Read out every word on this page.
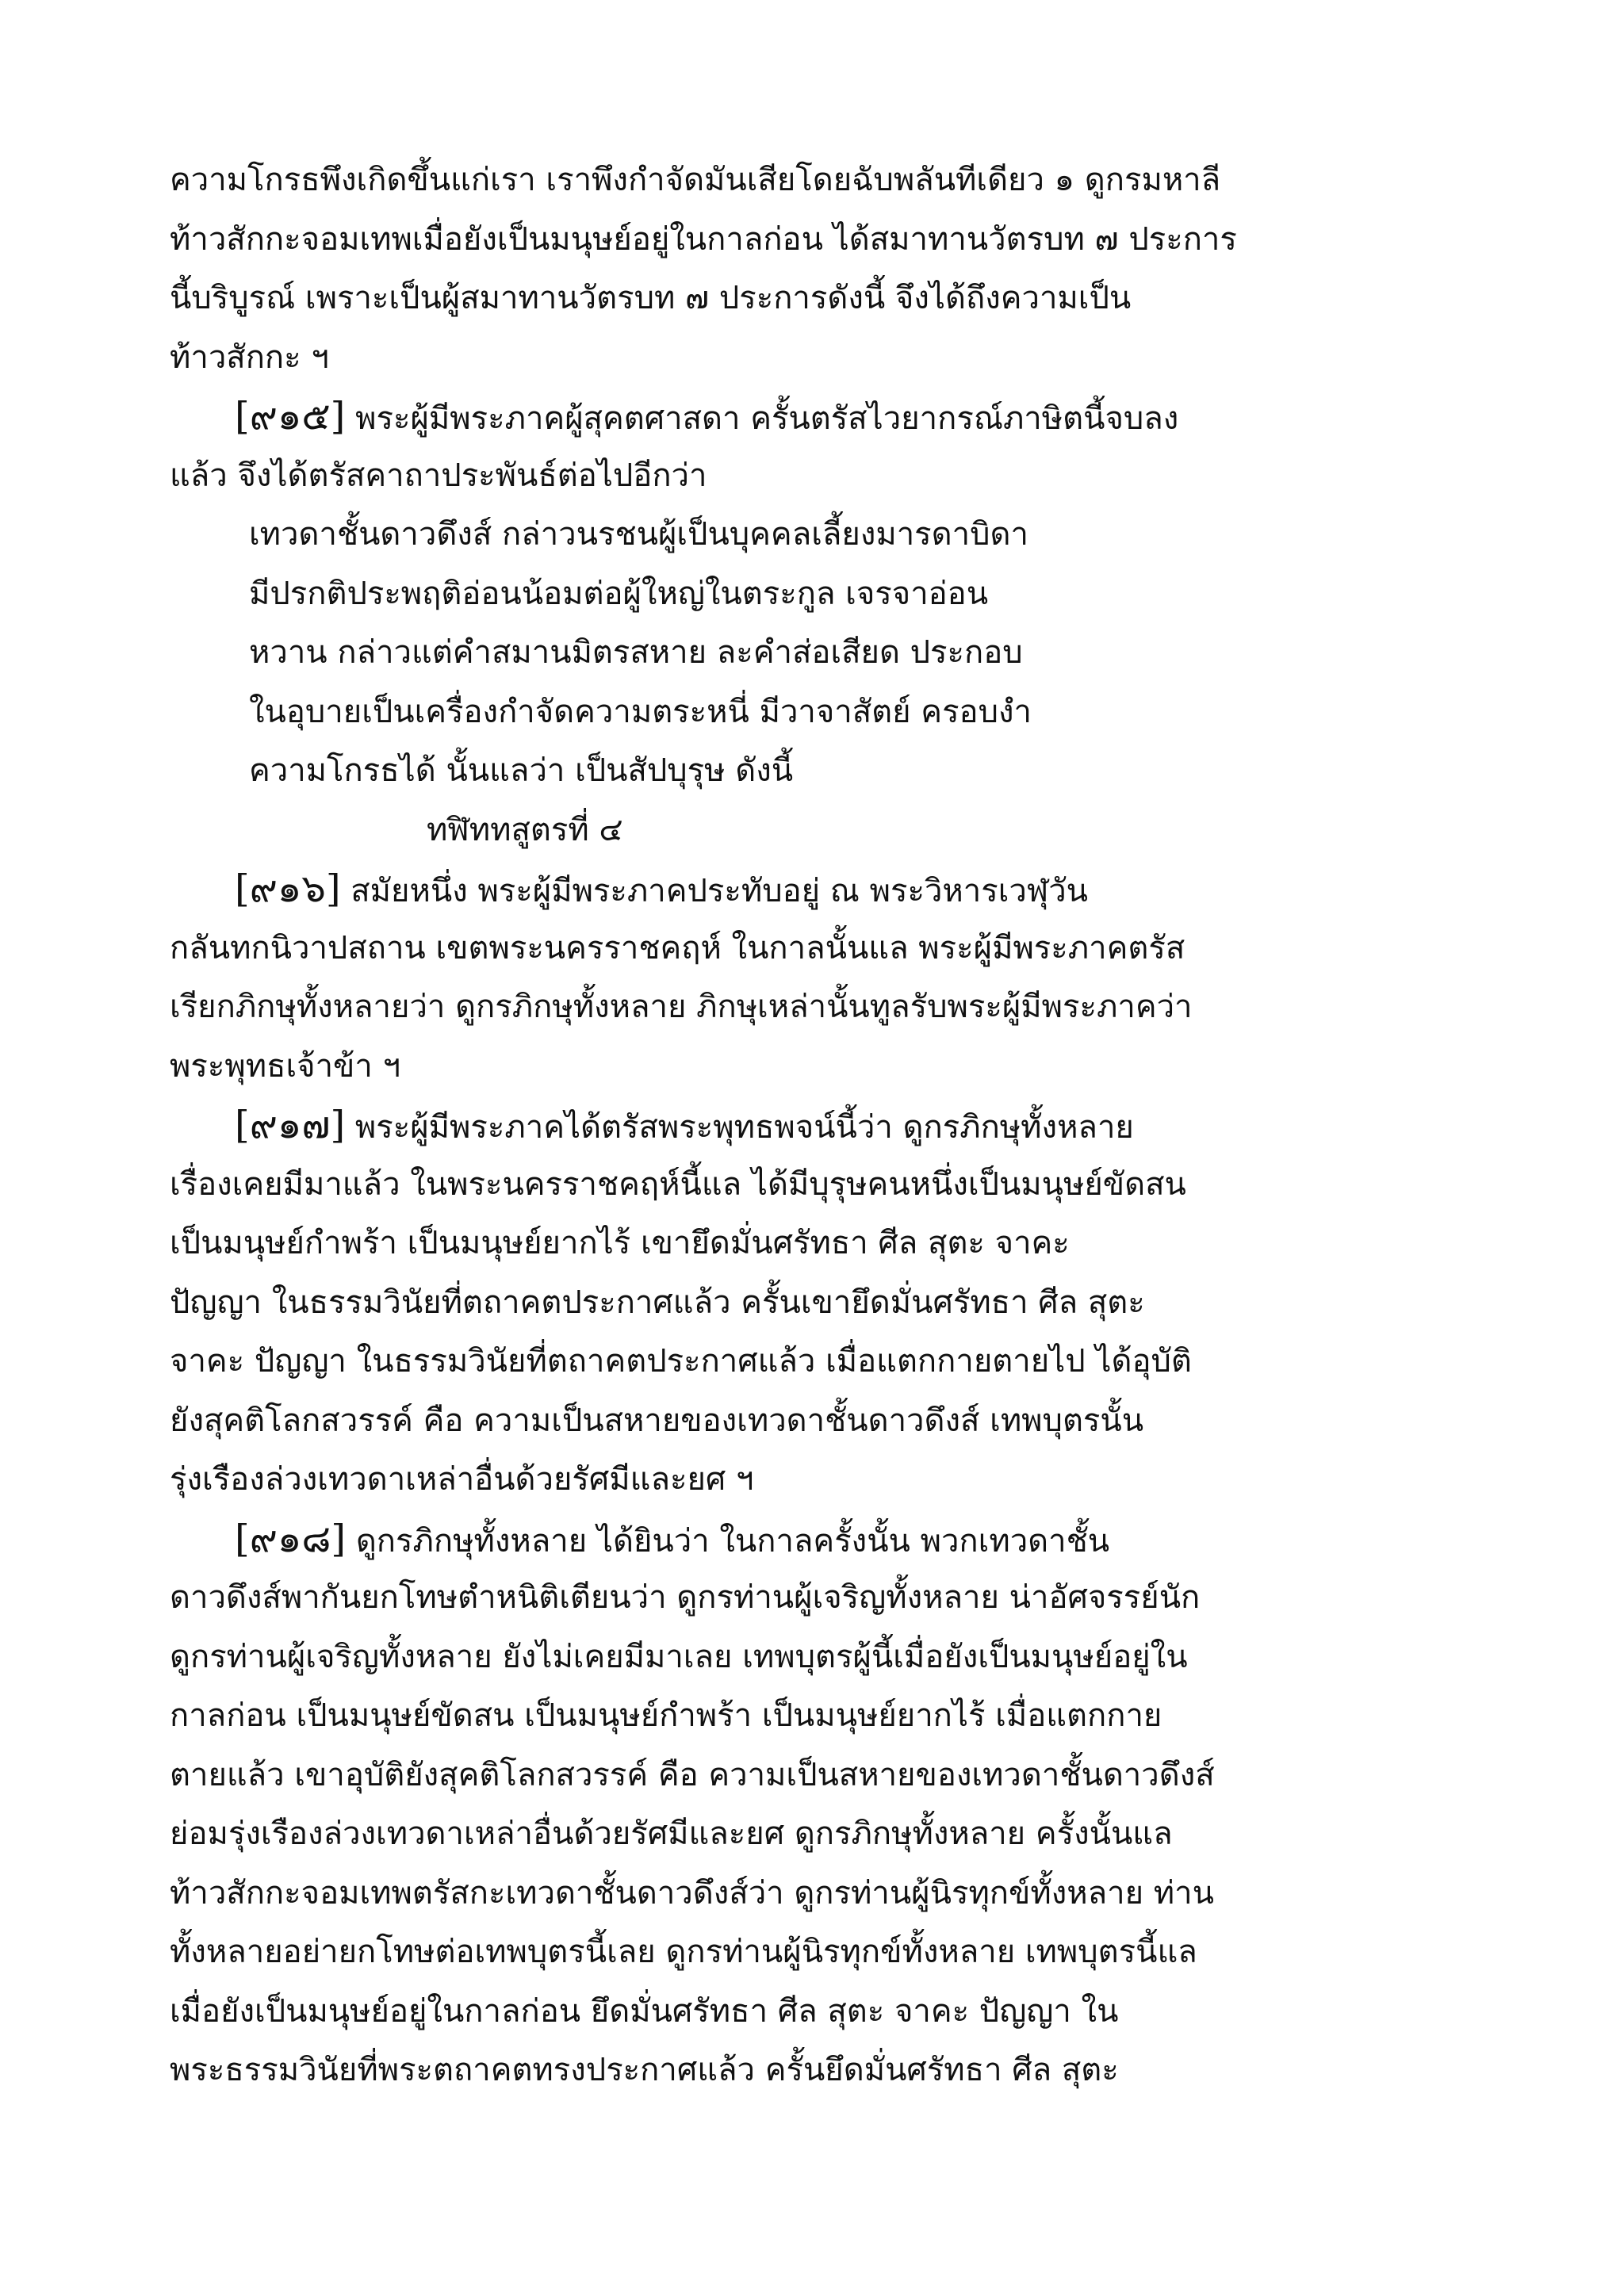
ความโกรธพึงเกิดขึ้นแก่เรา เราพึงกำจัดมันเสียโดยฉับพลันทีเดียว ๑ ดูกรมหาลี

ท้าวสักกะจอมเทพเมื่อยังเป็นมนุษย์อยู่ในกาลก่อน ได้สมาทานวัตรบท ๗ ประการ

นี้บริบูรณ์ เพราะเป็นผู้สมาทานวัตรบท ๗ ประการดังนี้ จึงได้ถึงความเป็น

ท้าวสักกะ ฯ

[๙๑๕] พระผู้มีพระภาคผู้สุคตศาสดา ครั้นตรัสไวยากรณ์ภาษิตนี้จบลง

แล้ว จึงได้ตรัสคาถาประพันธ์ต่อไปอีกว่า

เทวดาชั้นดาวดึงส์ กล่าวนรชนผู้เป็นบุคคลเลี้ยงมารดาบิดา

มีปรกติประพฤติอ่อนน้อมต่อผู้ใหญ่ในตระกูล เจรจาอ่อน

หวาน กล่าวแต่คำสมานมิตรสหาย ละคำส่อเสียด ประกอบ

ในอุบายเป็นเครื่องกำจัดความตระหนี่ มีวาจาสัตย์ ครอบงำ

ความโกรธได้ นั้นแลว่า เป็นสัปบุรุษ ดังนี้

ทฬิททสูตรที่ ๔

[๙๑๖] สมัยหนึ่ง พระผู้มีพระภาคประทับอยู่ ณ พระวิหารเวฬุวัน

กลันทกนิวาปสถาน เขตพระนครราชคฤห์ ในกาลนั้นแล พระผู้มีพระภาคตรัส

เรียกภิกษุทั้งหลายว่า ดูกรภิกษุทั้งหลาย ภิกษุเหล่านั้นทูลรับพระผู้มีพระภาคว่า

พระพุทธเจ้าข้า ฯ

[๙๑๗] พระผู้มีพระภาคได้ตรัสพระพุทธพจน์นี้ว่า ดูกรภิกษุทั้งหลาย

เรื่องเคยมีมาแล้ว ในพระนครราชคฤห์นี้แล ได้มีบุรุษคนหนึ่งเป็นมนุษย์ขัดสน

เป็นมนุษย์กำพร้า เป็นมนุษย์ยากไร้ เขายึดมั่นศรัทธา ศีล สุตะ จาคะ

ปัญญา ในธรรมวินัยที่ตถาคตประกาศแล้ว ครั้นเขายึดมั่นศรัทธา ศีล สุตะ

จาคะ ปัญญา ในธรรมวินัยที่ตถาคตประกาศแล้ว เมื่อแตกกายตายไป ได้อุบัติ

ยังสุคติโลกสวรรค์ คือ ความเป็นสหายของเทวดาชั้นดาวดึงส์ เทพบุตรนั้น

รุ่งเรืองล่วงเทวดาเหล่าอื่นด้วยรัศมีและยศ ฯ

[๙๑๘] ดูกรภิกษุทั้งหลาย ได้ยินว่า ในกาลครั้งนั้น พวกเทวดาชั้น

ดาวดึงส์พากันยกโทษตำหนิติเตียนว่า ดูกรท่านผู้เจริญทั้งหลาย น่าอัศจรรย์นัก

ดูกรท่านผู้เจริญทั้งหลาย ยังไม่เคยมีมาเลย เทพบุตรผู้นี้เมื่อยังเป็นมนุษย์อยู่ใน

กาลก่อน เป็นมนุษย์ขัดสน เป็นมนุษย์กำพร้า เป็นมนุษย์ยากไร้ เมื่อแตกกาย

ตายแล้ว เขาอุบัติยังสุคติโลกสวรรค์ คือ ความเป็นสหายของเทวดาชั้นดาวดึงส์

ย่อมรุ่งเรืองล่วงเทวดาเหล่าอื่นด้วยรัศมีและยศ ดูกรภิกษุทั้งหลาย ครั้งนั้นแล

ท้าวสักกะจอมเทพตรัสกะเทวดาชั้นดาวดึงส์ว่า ดูกรท่านผู้นิรทุกข์ทั้งหลาย ท่าน

ทั้งหลายอย่ายกโทษต่อเทพบุตรนี้เลย ดูกรท่านผู้นิรทุกข์ทั้งหลาย เทพบุตรนี้แล

เมื่อยังเป็นมนุษย์อยู่ในกาลก่อน ยึดมั่นศรัทธา ศีล สุตะ จาคะ ปัญญา ใน

พระธรรมวินัยที่พระตถาคตทรงประกาศแล้ว ครั้นยึดมั่นศรัทธา ศีล สุตะ
